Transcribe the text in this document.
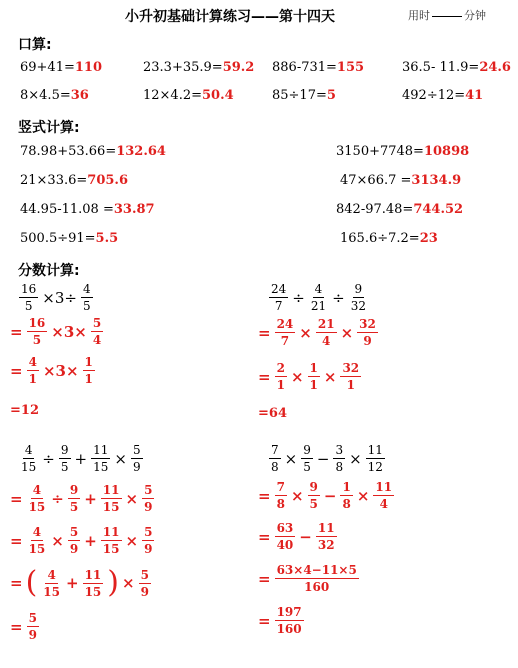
小升初基础计算练习——第十四天	用时	分钟
口算:
69+41=110	23.3+35.9=59.2 886-731=155	36.5- 11.9=24.6
8×4.5=36	12×4.2=50.4	85÷17=5	492÷12=41
竖式计算:
78.98+53.66=132.64	3150+7748=10898
21×33.6=705.6	47×66.7 =3134.9
44.95-11.08 =33.87	842-97.48=744.52
500.5÷91=5.5	165.6÷7.2=23
分数计算:
$\frac{16}{5} \times 3\div \frac{4}{5}$
= $\frac{16}{5} \times 3\times \frac{5}{4}$
= $\frac{4}{1} \times 3\times \frac{1}{1}$
=12
$\frac{24}{7} \div \frac{4}{21} \div \frac{9}{32}$
= $\frac{24}{7} \times \frac{21}{4} \times \frac{32}{9}$
= $\frac{2}{1} \times \frac{1}{1} \times \frac{32}{1}$
=64
$\frac{4}{15} \div \frac{9}{5} + \frac{11}{15} \times \frac{5}{9}$
= $\frac{4}{15} \div \frac{9}{5} + \frac{11}{15} \times \frac{5}{9}$
= $\frac{4}{15} \times \frac{5}{9} + \frac{11}{15} \times \frac{5}{9}$
= ( $\frac{4}{15} + \frac{11}{15}$ ) × $\frac{5}{9}$
= $\frac{5}{9}$
$\frac{7}{8} \times \frac{9}{5} - \frac{3}{8} \times \frac{11}{12}$
= $\frac{7}{8} \times \frac{9}{5} - \frac{1}{8} \times \frac{11}{4}$
= $\frac{63}{40} - \frac{11}{32}$
= $\frac{63\times 4-11\times 5}{160}$
= $\frac{197}{160}$
